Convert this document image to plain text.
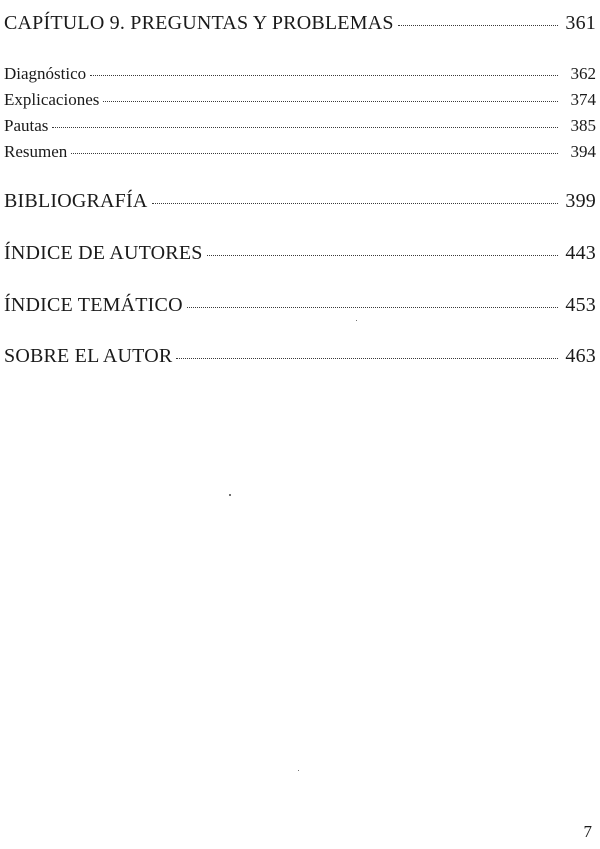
CAPÍTULO 9. PREGUNTAS Y PROBLEMAS	361
Diagnóstico	362
Explicaciones	374
Pautas	385
Resumen	394
BIBLIOGRAFÍA	399
ÍNDICE DE AUTORES	443
ÍNDICE TEMÁTICO	453
SOBRE EL AUTOR	463
7
